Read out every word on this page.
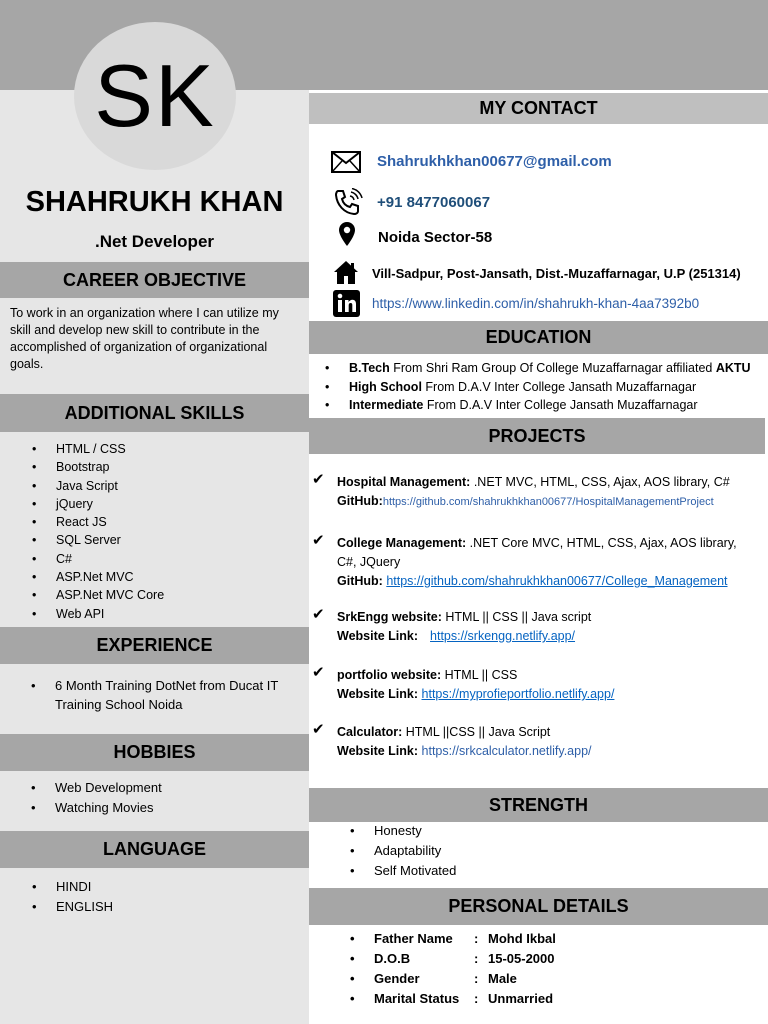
SK
SHAHRUKH KHAN
.Net Developer
CAREER OBJECTIVE

To work in an organization where I can utilize my skill and develop new skill to contribute in the accomplished of organization of organizational goals.

ADDITIONAL SKILLS
• HTML / CSS
• Bootstrap
• Java Script
• jQuery
• React JS
• SQL Server
• C#
• ASP.Net MVC
• ASP.Net MVC Core
• Web API
EXPERIENCE
• 6 Month Training DotNet from Ducat IT Training School Noida
HOBBIES
• Web Development
• Watching Movies
LANGUAGE
• HINDI
• ENGLISH
MY CONTACT
Shahrukhkhan00677@gmail.com
+91 8477060067
Noida Sector-58
Vill-Sadpur, Post-Jansath, Dist.-Muzaffarnagar, U.P (251314)
https://www.linkedin.com/in/shahrukh-khan-4aa7392b0
EDUCATION
• B.Tech From Shri Ram Group Of College Muzaffarnagar affiliated AKTU
• High School From D.A.V Inter College Jansath Muzaffarnagar
• Intermediate From D.A.V Inter College Jansath Muzaffarnagar
PROJECTS
✔ Hospital Management: .NET MVC, HTML, CSS, Ajax, AOS library, C#
GitHub:https://github.com/shahrukhkhan00677/HospitalManagementProject
✔ College Management: .NET Core MVC, HTML, CSS, Ajax, AOS library, C#, JQuery
GitHub: https://github.com/shahrukhkhan00677/College_Management
✔ SrkEngg website: HTML || CSS || Java script
Website Link: https://srkengg.netlify.app/
✔ portfolio website: HTML || CSS
Website Link: https://myprofieportfolio.netlify.app/
✔ Calculator: HTML ||CSS || Java Script
Website Link: https://srkcalculator.netlify.app/
STRENGTH
• Honesty
• Adaptability
• Self Motivated
PERSONAL DETAILS
• Father Name : Mohd Ikbal
• D.O.B	: 15-05-2000
• Gender	: Male
• Marital Status : Unmarried
